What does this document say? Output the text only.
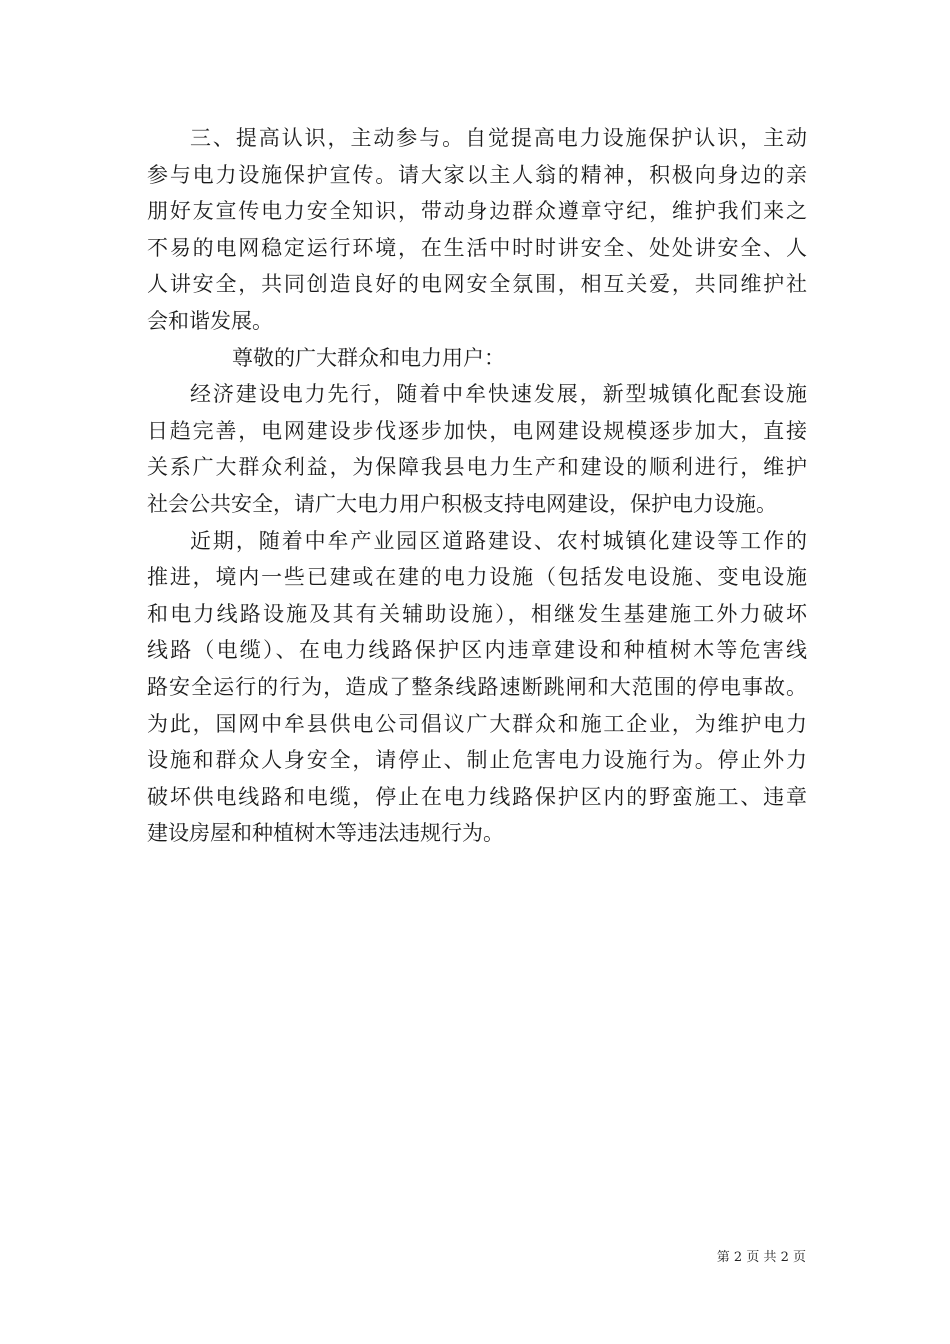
三、提高认识，主动参与。自觉提高电力设施保护认识，主动
参与电力设施保护宣传。请大家以主人翁的精神，积极向身边的亲
朋好友宣传电力安全知识，带动身边群众遵章守纪，维护我们来之
不易的电网稳定运行环境，在生活中时时讲安全、处处讲安全、人
人讲安全，共同创造良好的电网安全氛围，相互关爱，共同维护社
会和谐发展。
尊敬的广大群众和电力用户：
经济建设电力先行，随着中牟快速发展，新型城镇化配套设施
日趋完善，电网建设步伐逐步加快，电网建设规模逐步加大，直接
关系广大群众利益，为保障我县电力生产和建设的顺利进行，维护
社会公共安全，请广大电力用户积极支持电网建设，保护电力设施。
近期，随着中牟产业园区道路建设、农村城镇化建设等工作的
推进，境内一些已建或在建的电力设施（包括发电设施、变电设施
和电力线路设施及其有关辅助设施），相继发生基建施工外力破坏
线路（电缆）、在电力线路保护区内违章建设和种植树木等危害线
路安全运行的行为，造成了整条线路速断跳闸和大范围的停电事故。
为此，国网中牟县供电公司倡议广大群众和施工企业，为维护电力
设施和群众人身安全，请停止、制止危害电力设施行为。停止外力
破坏供电线路和电缆，停止在电力线路保护区内的野蛮施工、违章
建设房屋和种植树木等违法违规行为。
第 2 页 共 2 页
